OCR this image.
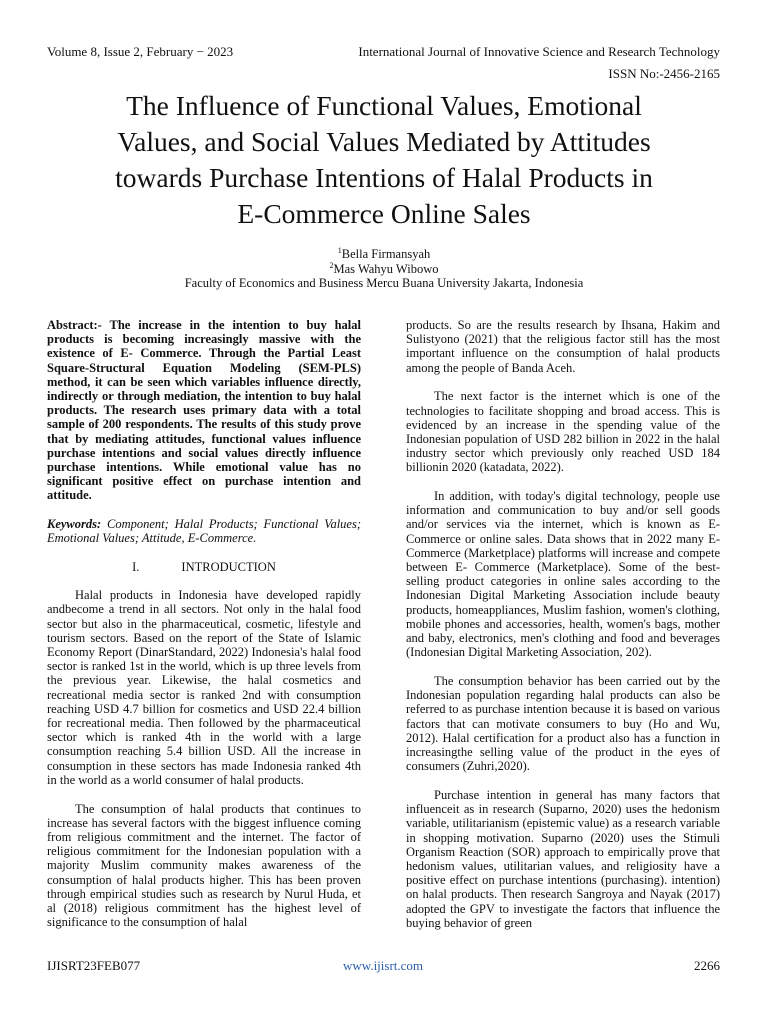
Volume 8, Issue 2, February − 2023	International Journal of Innovative Science and Research Technology
ISSN No:-2456-2165
The Influence of Functional Values, Emotional
Values, and Social Values Mediated by Attitudes
towards Purchase Intentions of Halal Products in
E-Commerce Online Sales
$^1$Bella Firmansyah
$^2$Mas Wahyu Wibowo
Faculty of Economics and Business Mercu Buana University Jakarta, Indonesia

Abstract:- The increase in the intention to buy halal products is becoming increasingly massive with the existence of E- Commerce. Through the Partial Least Square-Structural Equation Modeling (SEM-PLS) method, it can be seen which variables influence directly, indirectly or through mediation, the intention to buy halal products. The research uses primary data with a total sample of 200 respondents. The results of this study prove that by mediating attitudes, functional values influence purchase intentions and social values directly influence purchase intentions. While emotional value has no significant positive effect on purchase intention and attitude.

Keywords: Component; Halal Products; Functional Values; Emotional Values; Attitude, E-Commerce.

I.	INTRODUCTION

Halal products in Indonesia have developed rapidly andbecome a trend in all sectors. Not only in the halal food sector but also in the pharmaceutical, cosmetic, lifestyle and tourism sectors. Based on the report of the State of Islamic Economy Report (DinarStandard, 2022) Indonesia's halal food sector is ranked 1st in the world, which is up three levels from the previous year. Likewise, the halal cosmetics and recreational media sector is ranked 2nd with consumption reaching USD 4.7 billion for cosmetics and USD 22.4 billion for recreational media. Then followed by the pharmaceutical sector which is ranked 4th in the world with a large consumption reaching 5.4 billion USD. All the increase in consumption in these sectors has made Indonesia ranked 4th in the world as a world consumer of halal products.

The consumption of halal products that continues to increase has several factors with the biggest influence coming from religious commitment and the internet. The factor of religious commitment for the Indonesian population with a majority Muslim community makes awareness of the consumption of halal products higher. This has been proven through empirical studies such as research by Nurul Huda, et al (2018) religious commitment has the highest level of significance to the consumption of halal

products. So are the results research by Ihsana, Hakim and Sulistyono (2021) that the religious factor still has the most important influence on the consumption of halal products among the people of Banda Aceh.

The next factor is the internet which is one of the technologies to facilitate shopping and broad access. This is evidenced by an increase in the spending value of the Indonesian population of USD 282 billion in 2022 in the halal industry sector which previously only reached USD 184 billionin 2020 (katadata, 2022).

In addition, with today's digital technology, people use information and communication to buy and/or sell goods and/or services via the internet, which is known as E-Commerce or online sales. Data shows that in 2022 many E-Commerce (Marketplace) platforms will increase and compete between E- Commerce (Marketplace). Some of the best-selling product categories in online sales according to the Indonesian Digital Marketing Association include beauty products, homeappliances, Muslim fashion, women's clothing, mobile phones and accessories, health, women's bags, mother and baby, electronics, men's clothing and food and beverages (Indonesian Digital Marketing Association, 202).

The consumption behavior has been carried out by the Indonesian population regarding halal products can also be referred to as purchase intention because it is based on various factors that can motivate consumers to buy (Ho and Wu, 2012). Halal certification for a product also has a function in increasingthe selling value of the product in the eyes of consumers (Zuhri,2020).

Purchase intention in general has many factors that influenceit as in research (Suparno, 2020) uses the hedonism variable, utilitarianism (epistemic value) as a research variable in shopping motivation. Suparno (2020) uses the Stimuli Organism Reaction (SOR) approach to empirically prove that hedonism values, utilitarian values, and religiosity have a positive effect on purchase intentions (purchasing). intention) on halal products. Then research Sangroya and Nayak (2017) adopted the GPV to investigate the factors that influence the buying behavior of green

IJISRT23FEB077	www.ijisrt.com	2266
